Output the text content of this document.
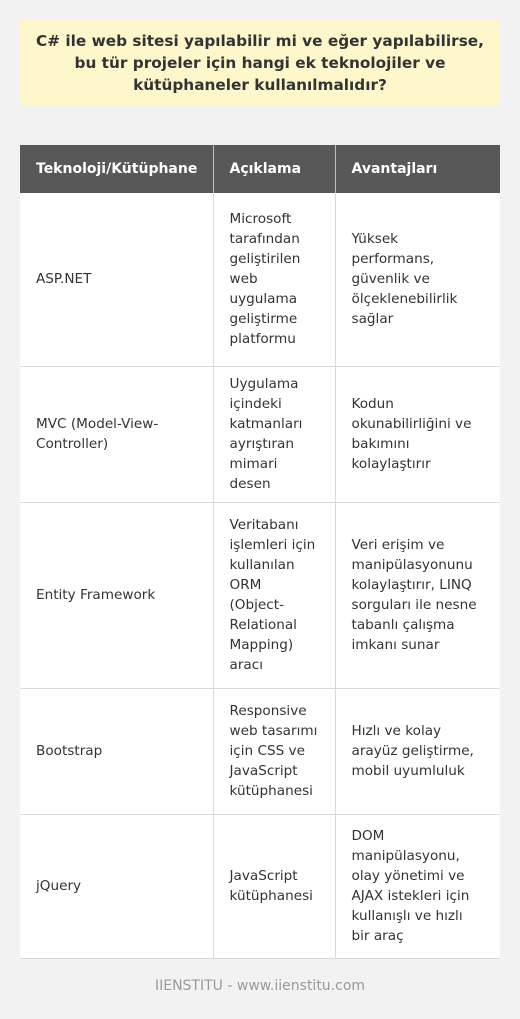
C# ile web sitesi yapılabilir mi ve eğer yapılabilirse, bu tür projeler için hangi ek teknolojiler ve kütüphaneler kullanılmalıdır?
Teknoloji/Kütüphane	Açıklama	Avantajları
ASP.NET	Microsoft tarafından geliştirilen web uygulama geliştirme platformu	Yüksek performans, güvenlik ve ölçeklenebilirlik sağlar
MVC (Model-View-Controller)	Uygulama içindeki katmanları ayrıştıran mimari desen	Kodun okunabilirliğini ve bakımını kolaylaştırır
Entity Framework	Veritabanı işlemleri için kullanılan ORM (Object-Relational Mapping) aracı	Veri erişim ve manipülasyonunu kolaylaştırır, LINQ sorguları ile nesne tabanlı çalışma imkanı sunar
Bootstrap	Responsive web tasarımı için CSS ve JavaScript kütüphanesi	Hızlı ve kolay arayüz geliştirme, mobil uyumluluk
jQuery	JavaScript kütüphanesi	DOM manipülasyonu, olay yönetimi ve AJAX istekleri için kullanışlı ve hızlı bir araç
IIENSTITU - www.iienstitu.com
